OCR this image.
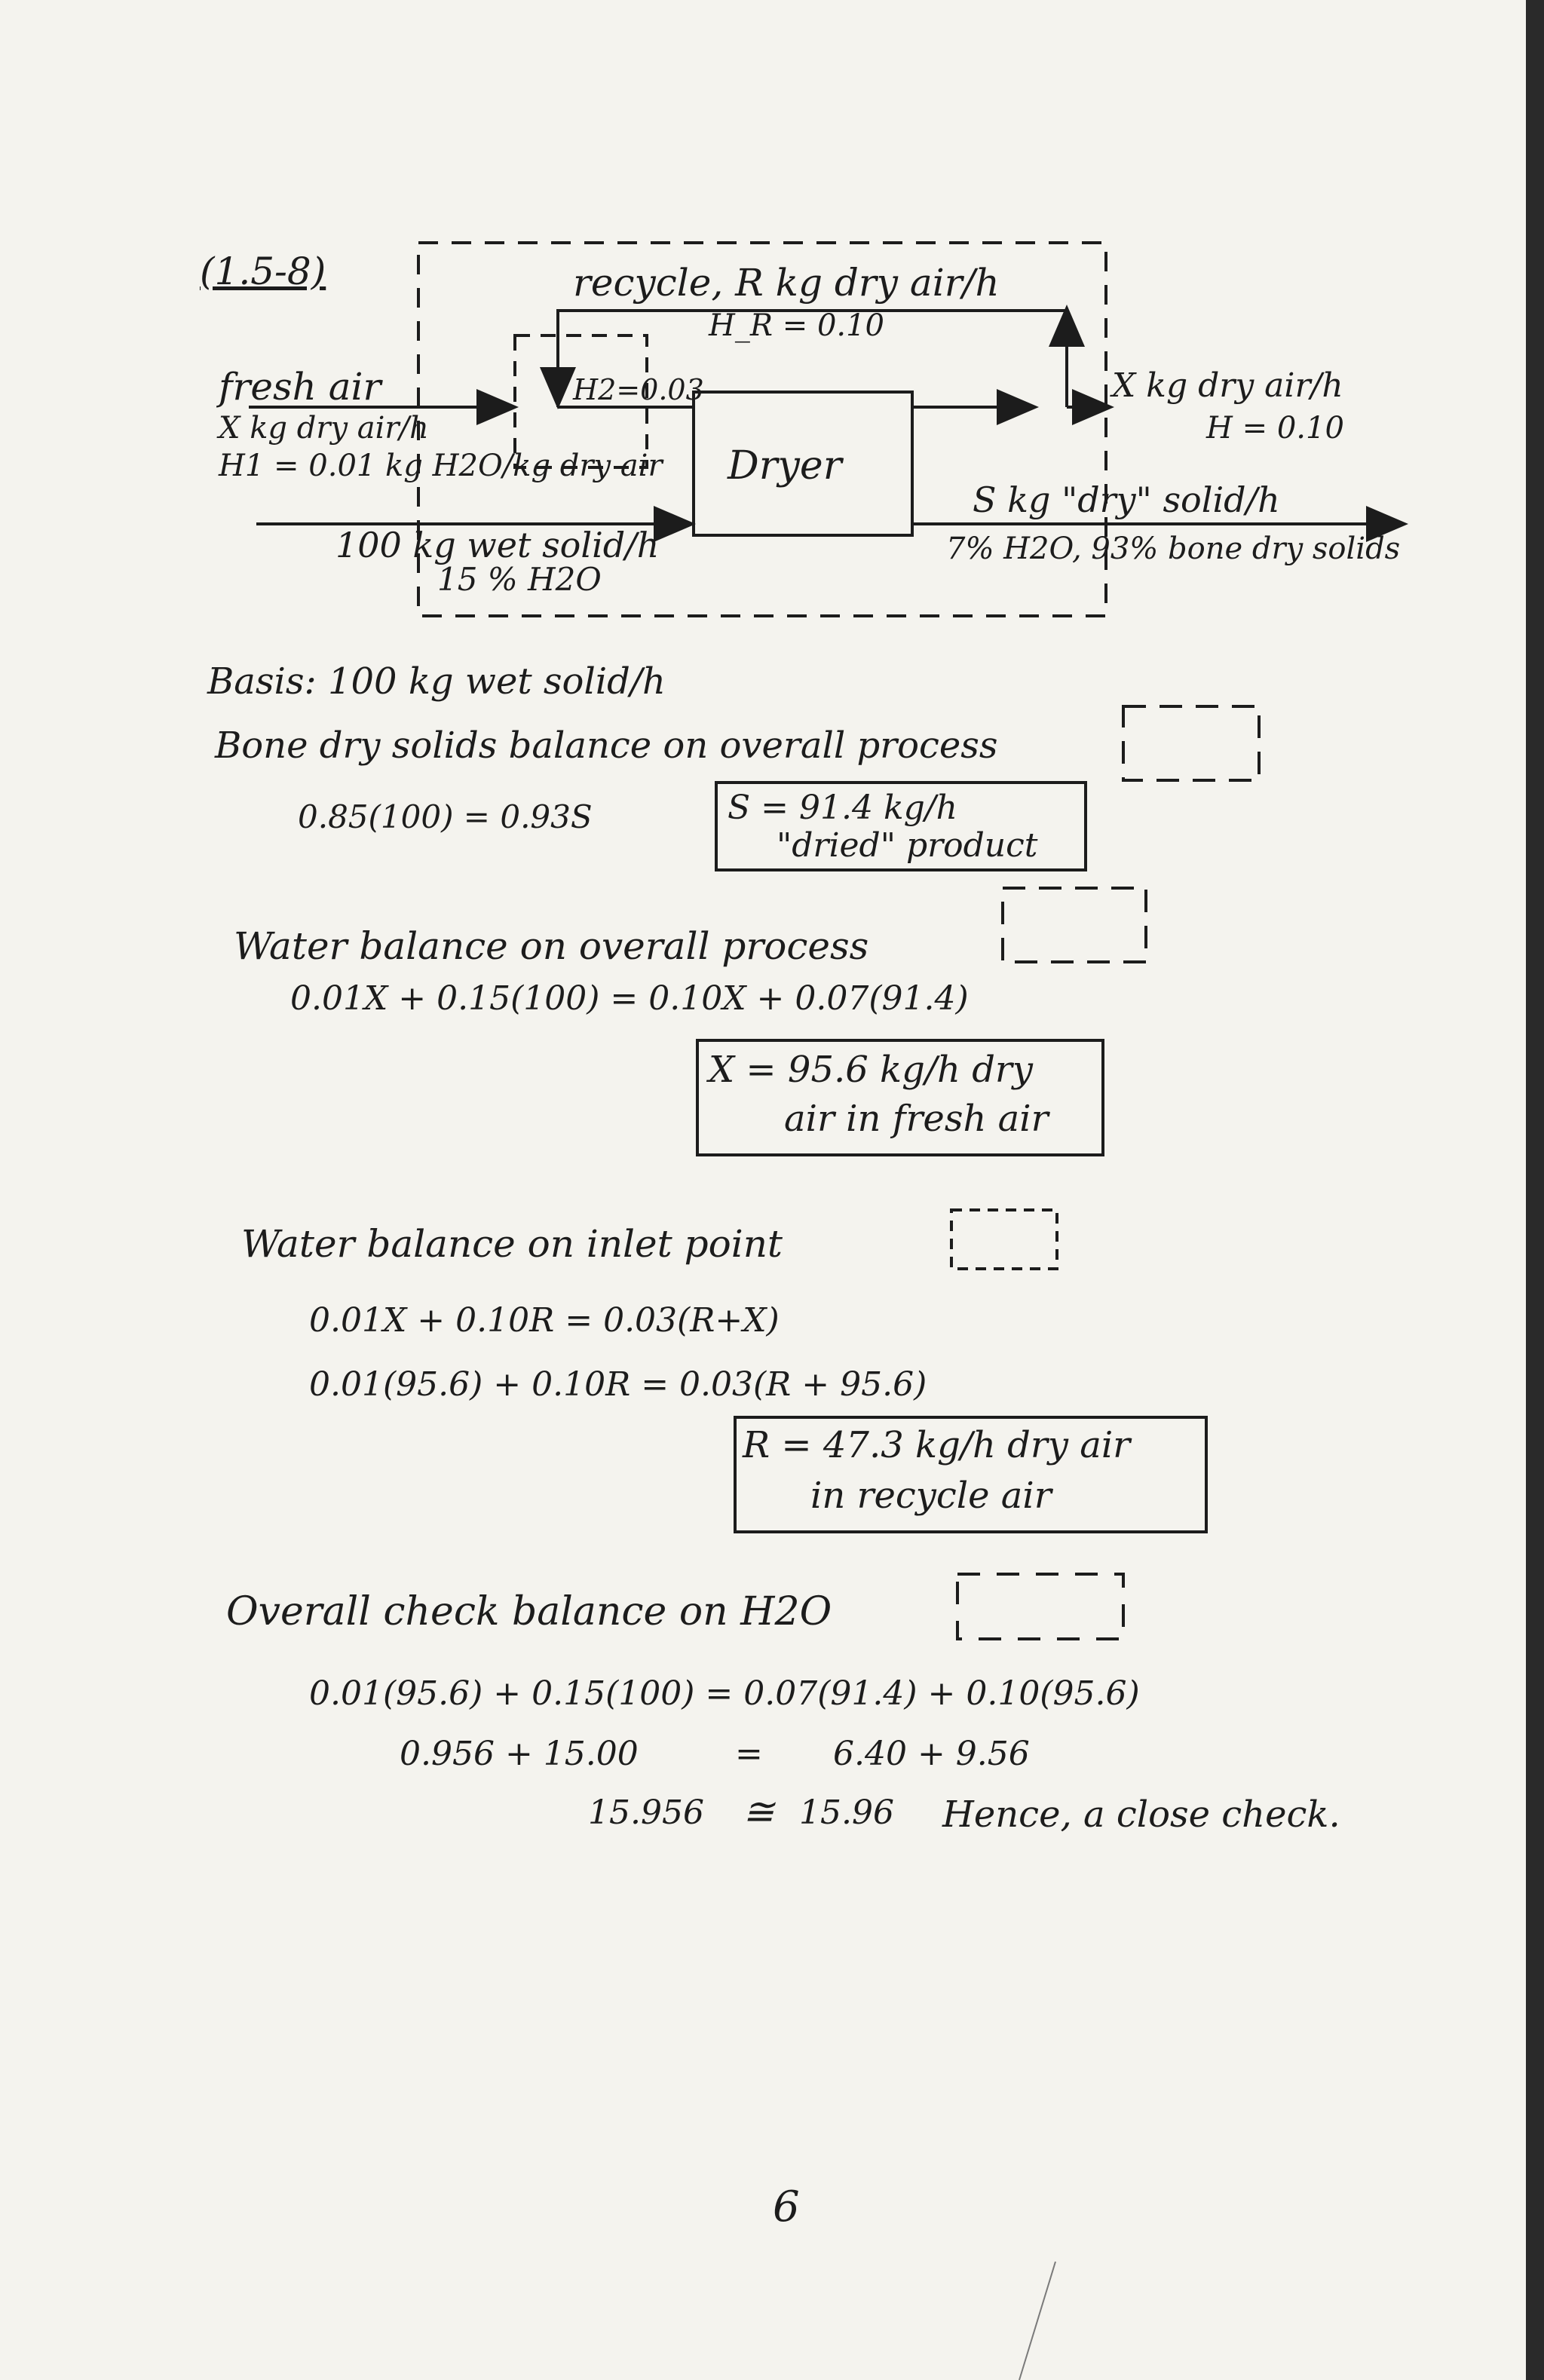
(1.5-8)	recycle, R kg dry air/h
H_R = 0.10
H2=0.03
fresh air
X kg dry air/h
H1 = 0.01 kg H2O/kg dry air Dryer
X kg dry air/h
H = 0.10
100 kg wet solid/h
15 % H2O
S kg "dry" solid/h
7% H2O, 93% bone dry solids
Basis: 100 kg wet solid/h
Bone dry solids balance on overall process
0.85(100) = 0.93S	S = 91.4 kg/h
"dried" product
Water balance on overall process
0.01X + 0.15(100) = 0.10X + 0.07(91.4)
X = 95.6 kg/h dry
air in fresh air
Water balance on inlet point
0.01X + 0.10R = 0.03(R+X)
0.01(95.6) + 0.10R = 0.03(R + 95.6)
R = 47.3 kg/h dry air
in recycle air
Overall check balance on H2O
0.01(95.6) + 0.15(100) = 0.07(91.4) + 0.10(95.6)
0.956 + 15.00	= 6.40 + 9.56
15.956 ≅ 15.96 Hence, a close check.
6
